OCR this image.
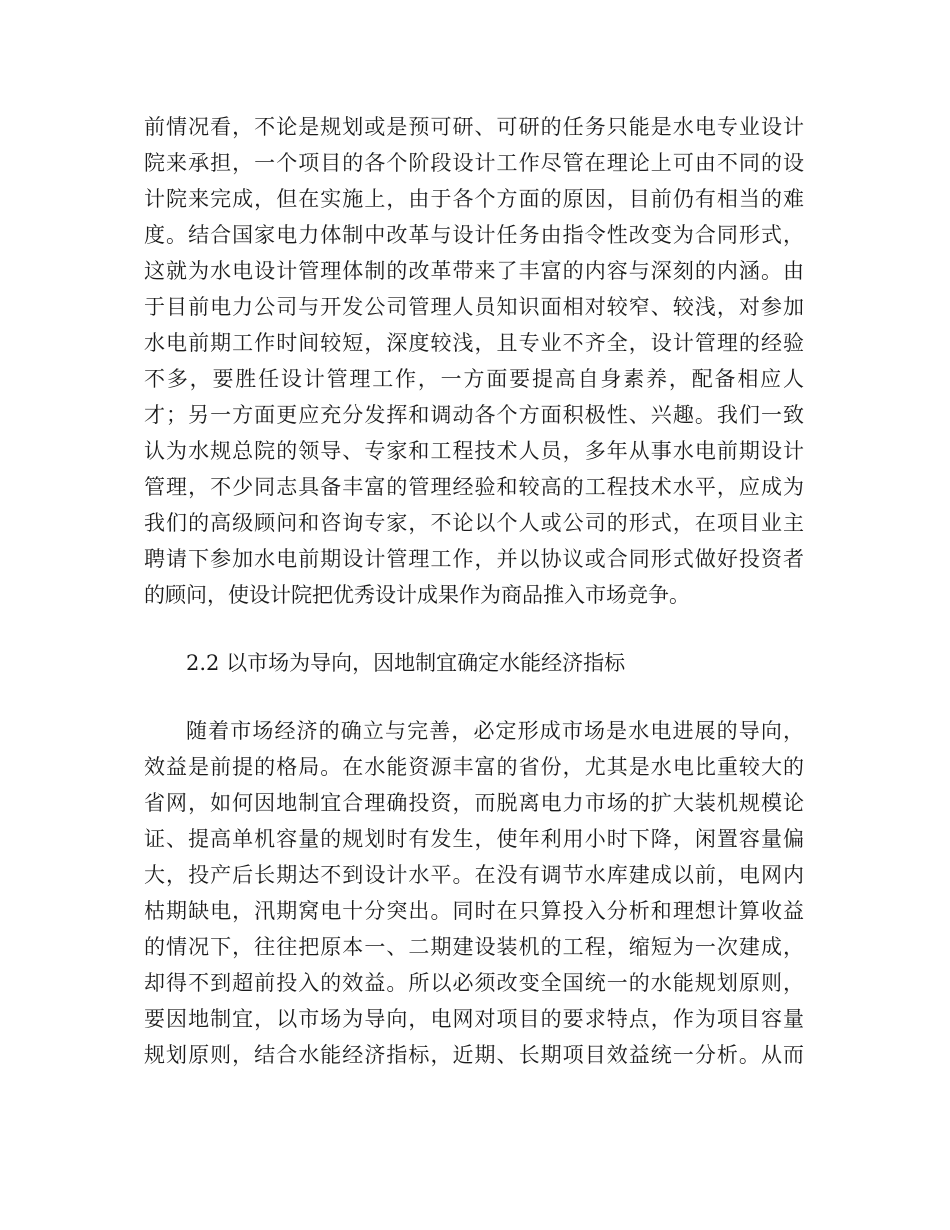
前情况看，不论是规划或是预可研、可研的任务只能是水电专业设计
院来承担，一个项目的各个阶段设计工作尽管在理论上可由不同的设
计院来完成，但在实施上，由于各个方面的原因，目前仍有相当的难
度。结合国家电力体制中改革与设计任务由指令性改变为合同形式，
这就为水电设计管理体制的改革带来了丰富的内容与深刻的内涵。由
于目前电力公司与开发公司管理人员知识面相对较窄、较浅，对参加
水电前期工作时间较短，深度较浅，且专业不齐全，设计管理的经验
不多，要胜任设计管理工作，一方面要提高自身素养，配备相应人
才；另一方面更应充分发挥和调动各个方面积极性、兴趣。我们一致
认为水规总院的领导、专家和工程技术人员，多年从事水电前期设计
管理，不少同志具备丰富的管理经验和较高的工程技术水平，应成为
我们的高级顾问和咨询专家，不论以个人或公司的形式，在项目业主
聘请下参加水电前期设计管理工作，并以协议或合同形式做好投资者
的顾问，使设计院把优秀设计成果作为商品推入市场竞争。
2.2 以市场为导向，因地制宜确定水能经济指标
随着市场经济的确立与完善，必定形成市场是水电进展的导向，
效益是前提的格局。在水能资源丰富的省份，尤其是水电比重较大的
省网，如何因地制宜合理确投资，而脱离电力市场的扩大装机规模论
证、提高单机容量的规划时有发生，使年利用小时下降，闲置容量偏
大，投产后长期达不到设计水平。在没有调节水库建成以前，电网内
枯期缺电，汛期窝电十分突出。同时在只算投入分析和理想计算收益
的情况下，往往把原本一、二期建设装机的工程，缩短为一次建成，
却得不到超前投入的效益。所以必须改变全国统一的水能规划原则，
要因地制宜，以市场为导向，电网对项目的要求特点，作为项目容量
规划原则，结合水能经济指标，近期、长期项目效益统一分析。从而
